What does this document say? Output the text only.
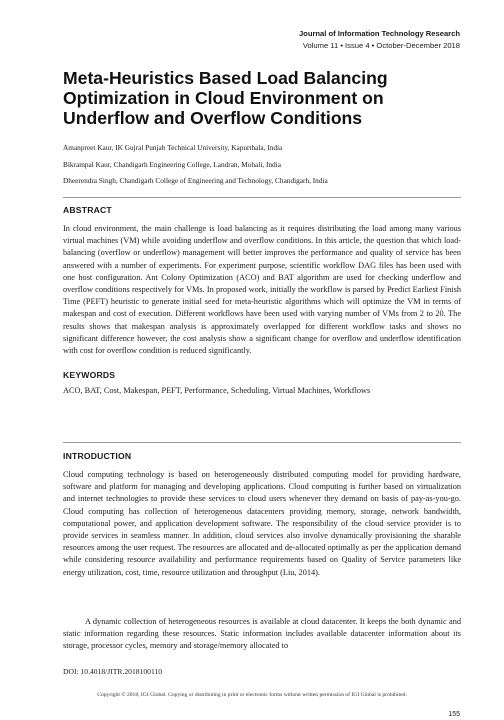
Journal of Information Technology Research
Volume 11 • Issue 4 • October-December 2018
Meta-Heuristics Based Load Balancing Optimization in Cloud Environment on Underflow and Overflow Conditions
Amanpreet Kaur, IK Gujral Punjab Technical University, Kapurthala, India
Bikrampal Kaur, Chandigarh Engineering College, Landran, Mohali, India
Dheerendra Singh, Chandigarh College of Engineering and Technology, Chandigarh, India
ABSTRACT

In cloud environment, the main challenge is load balancing as it requires distributing the load among many various virtual machines (VM) while avoiding underflow and overflow conditions. In this article, the question that which load- balancing (overflow or underflow) management will better improves the performance and quality of service has been answered with a number of experiments. For experiment purpose, scientific workflow DAG files has been used with one host configuration. Ant Colony Optimization (ACO) and BAT algorithm are used for checking underflow and overflow conditions respectively for VMs. In proposed work, initially the workflow is parsed by Predict Earliest Finish Time (PEFT) heuristic to generate initial seed for meta-heuristic algorithms which will optimize the VM in terms of makespan and cost of execution. Different workflows have been used with varying number of VMs from 2 to 20. The results shows that makespan analysis is approximately overlapped for different workflow tasks and shows no significant difference however, the cost analysis show a significant change for overflow and underflow identification with cost for overflow condition is reduced significantly.

KEYWORDS

ACO, BAT, Cost, Makespan, PEFT, Performance, Scheduling, Virtual Machines, Workflows

INTRODUCTION

Cloud computing technology is based on heterogeneously distributed computing model for providing hardware, software and platform for managing and developing applications. Cloud computing is further based on virtualization and internet technologies to provide these services to cloud users whenever they demand on basis of pay-as-you-go. Cloud computing has collection of heterogeneous datacenters providing memory, storage, network bandwidth, computational power, and application development software. The responsibility of the cloud service provider is to provide services in seamless manner. In addition, cloud services also involve dynamically provisioning the sharable resources among the user request. The resources are allocated and de-allocated optimally as per the application demand while considering resource availability and performance requirements based on Quality of Service parameters like energy utilization, cost, time, resource utilization and throughput (Liu, 2014).

A dynamic collection of heterogeneous resources is available at cloud datacenter. It keeps the both dynamic and static information regarding these resources. Static information includes available datacenter information about its storage, processor cycles, memory and storage/memory allocated to

DOI: 10.4018/JITR.2018100110
Copyright © 2018, IGI Global. Copying or distributing in print or electronic forms without written permission of IGI Global is prohibited.
155
